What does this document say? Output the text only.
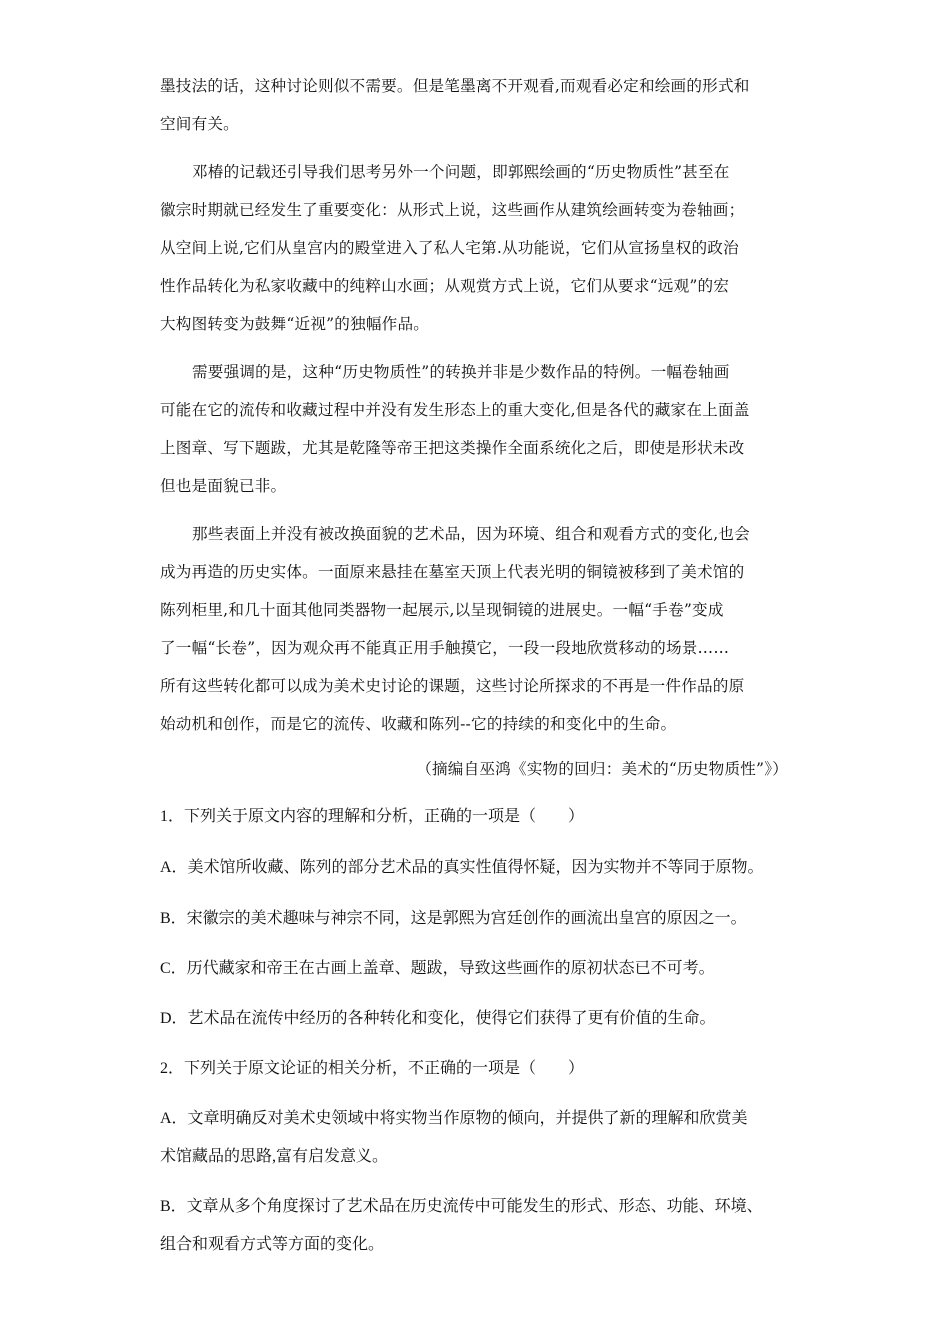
墨技法的话，这种讨论则似不需要。但是笔墨离不开观看,而观看必定和绘画的形式和
空间有关。
邓椿的记载还引导我们思考另外一个问题，即郭熙绘画的“历史物质性”甚至在
徽宗时期就已经发生了重要变化：从形式上说，这些画作从建筑绘画转变为卷轴画；
从空间上说,它们从皇宫内的殿堂进入了私人宅第.从功能说，它们从宣扬皇权的政治
性作品转化为私家收藏中的纯粹山水画；从观赏方式上说，它们从要求“远观”的宏
大构图转变为鼓舞“近视”的独幅作品。
需要强调的是，这种“历史物质性”的转换并非是少数作品的特例。一幅卷轴画
可能在它的流传和收藏过程中并没有发生形态上的重大变化,但是各代的藏家在上面盖
上图章、写下题跋，尤其是乾隆等帝王把这类操作全面系统化之后，即使是形状未改
但也是面貌已非。
那些表面上并没有被改换面貌的艺术品，因为环境、组合和观看方式的变化,也会
成为再造的历史实体。一面原来悬挂在墓室天顶上代表光明的铜镜被移到了美术馆的
陈列柜里,和几十面其他同类器物一起展示,以呈现铜镜的进展史。一幅“手卷”变成
了一幅“长卷”，因为观众再不能真正用手触摸它，一段一段地欣赏移动的场景……
所有这些转化都可以成为美术史讨论的课题，这些讨论所探求的不再是一件作品的原
始动机和创作，而是它的流传、收藏和陈列--它的持续的和变化中的生命。
（摘编自巫鸿《实物的回归：美术的“历史物质性”》）
1．下列关于原文内容的理解和分析，正确的一项是（　　）
A．美术馆所收藏、陈列的部分艺术品的真实性值得怀疑，因为实物并不等同于原物。
B．宋徽宗的美术趣味与神宗不同，这是郭熙为宫廷创作的画流出皇宫的原因之一。
C．历代藏家和帝王在古画上盖章、题跋，导致这些画作的原初状态已不可考。
D．艺术品在流传中经历的各种转化和变化，使得它们获得了更有价值的生命。
2．下列关于原文论证的相关分析，不正确的一项是（　　）
A．文章明确反对美术史领域中将实物当作原物的倾向，并提供了新的理解和欣赏美
术馆藏品的思路,富有启发意义。
B．文章从多个角度探讨了艺术品在历史流传中可能发生的形式、形态、功能、环境、
组合和观看方式等方面的变化。
